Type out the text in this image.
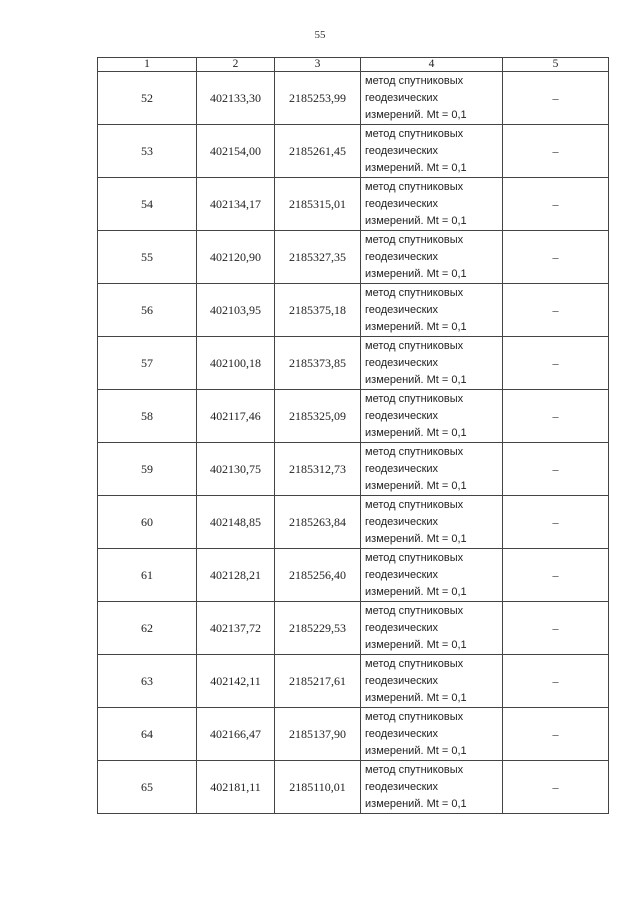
55
1	2	3	4	5
52	402133,30	2185253,99	метод спутниковых
геодезических
измерений. Mt = 0,1	–
53	402154,00	2185261,45	метод спутниковых
геодезических
измерений. Mt = 0,1	–
54	402134,17	2185315,01	метод спутниковых
геодезических
измерений. Mt = 0,1	–
55	402120,90	2185327,35	метод спутниковых
геодезических
измерений. Mt = 0,1	–
56	402103,95	2185375,18	метод спутниковых
геодезических
измерений. Mt = 0,1	–
57	402100,18	2185373,85	метод спутниковых
геодезических
измерений. Mt = 0,1	–
58	402117,46	2185325,09	метод спутниковых
геодезических
измерений. Mt = 0,1	–
59	402130,75	2185312,73	метод спутниковых
геодезических
измерений. Mt = 0,1	–
60	402148,85	2185263,84	метод спутниковых
геодезических
измерений. Mt = 0,1	–
61	402128,21	2185256,40	метод спутниковых
геодезических
измерений. Mt = 0,1	–
62	402137,72	2185229,53	метод спутниковых
геодезических
измерений. Mt = 0,1	–
63	402142,11	2185217,61	метод спутниковых
геодезических
измерений. Mt = 0,1	–
64	402166,47	2185137,90	метод спутниковых
геодезических
измерений. Mt = 0,1	–
65	402181,11	2185110,01	метод спутниковых
геодезических
измерений. Mt = 0,1	–
